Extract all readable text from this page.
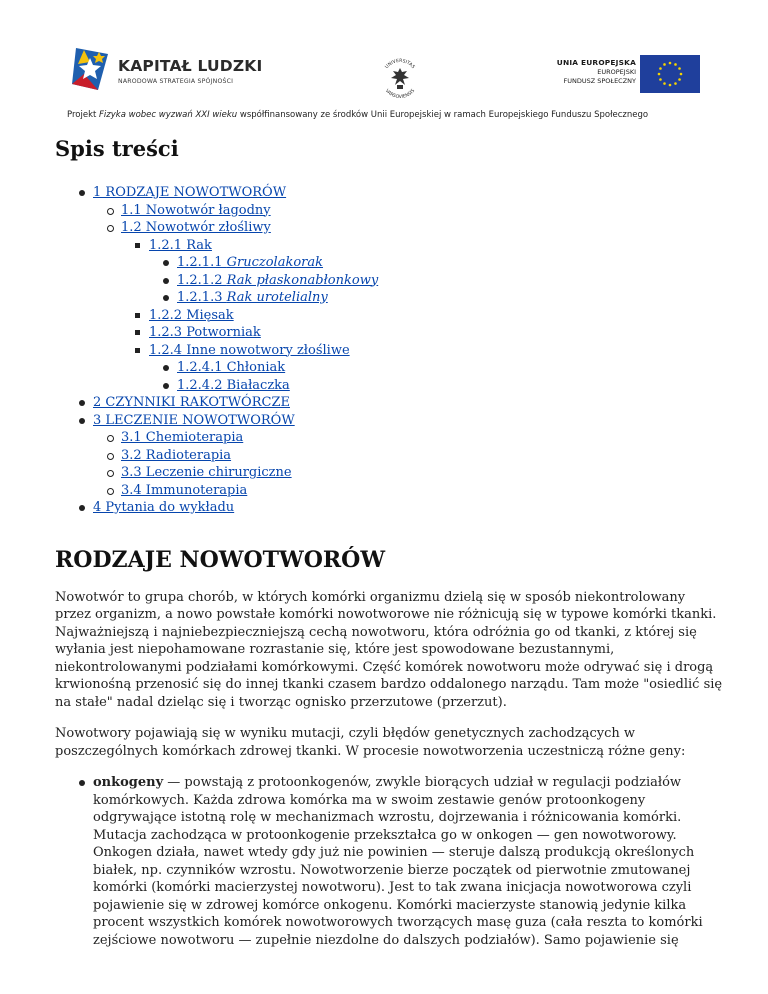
KAPITAŁ LUDZKI
NARODOWA STRATEGIA SPÓJNOŚCI
UNIVERSITAS
VARSOVIENSIS
UNIA EUROPEJSKA
EUROPEJSKI
FUNDUSZ SPOŁECZNY
Projekt Fizyka wobec wyzwań XXI wieku współfinansowany ze środków Unii Europejskiej w ramach Europejskiego Funduszu Społecznego
Spis treści
1 RODZAJE NOWOTWORÓW
1.1 Nowotwór łagodny
1.2 Nowotwór złośliwy
1.2.1 Rak
1.2.1.1 Gruczolakorak
1.2.1.2 Rak płaskonabłonkowy
1.2.1.3 Rak urotelialny
1.2.2 Mięsak
1.2.3 Potworniak
1.2.4 Inne nowotwory złośliwe
1.2.4.1 Chłoniak
1.2.4.2 Białaczka
2 CZYNNIKI RAKOTWÓRCZE
3 LECZENIE NOWOTWORÓW
3.1 Chemioterapia
3.2 Radioterapia
3.3 Leczenie chirurgiczne
3.4 Immunoterapia
4 Pytania do wykładu
RODZAJE NOWOTWORÓW

Nowotwór to grupa chorób, w których komórki organizmu dzielą się w sposób niekontrolowany przez organizm, a nowo powstałe komórki nowotworowe nie różnicują się w typowe komórki tkanki. Najważniejszą i najniebezpieczniejszą cechą nowotworu, która odróżnia go od tkanki, z której się wyłania jest niepohamowane rozrastanie się, które jest spowodowane bezustannymi, niekontrolowanymi podziałami komórkowymi. Część komórek nowotworu może odrywać się i drogą krwionośną przenosić się do innej tkanki czasem bardzo oddalonego narządu. Tam może "osiedlić się na stałe" nadal dzieląc się i tworząc ognisko przerzutowe (przerzut).

Nowotwory pojawiają się w wyniku mutacji, czyli błędów genetycznych zachodzących w poszczególnych komórkach zdrowej tkanki. W procesie nowotworzenia uczestniczą różne geny:

onkogeny — powstają z protoonkogenów, zwykle biorących udział w regulacji podziałów komórkowych. Każda zdrowa komórka ma w swoim zestawie genów protoonkogeny odgrywające istotną rolę w mechanizmach wzrostu, dojrzewania i różnicowania komórki. Mutacja zachodząca w protoonkogenie przekształca go w onkogen — gen nowotworowy. Onkogen działa, nawet wtedy gdy już nie powinien — steruje dalszą produkcją określonych białek, np. czynników wzrostu. Nowotworzenie bierze początek od pierwotnie zmutowanej komórki (komórki macierzystej nowotworu). Jest to tak zwana inicjacja nowotworowa czyli pojawienie się w zdrowej komórce onkogenu. Komórki macierzyste stanowią jedynie kilka procent wszystkich komórek nowotworowych tworzących masę guza (cała reszta to komórki zejściowe nowotworu — zupełnie niezdolne do dalszych podziałów). Samo pojawienie się
